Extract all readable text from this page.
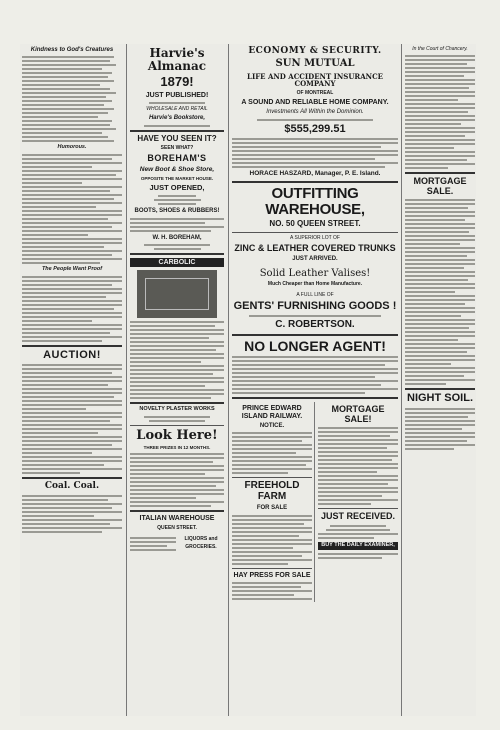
Kindness to God's Creatures
Humorous.
The People Want Proof
AUCTION!
Coal. Coal.
Harvie's Almanac
1879!
JUST PUBLISHED!
WHOLESALE AND RETAIL
Harvie's Bookstore,
HAVE YOU SEEN IT?
SEEN WHAT?
BOREHAM'S
New Boot & Shoe Store,
OPPOSITE THE MARKET HOUSE.
JUST OPENED,
BOOTS, SHOES & RUBBERS!
W. H. BOREHAM,
CARBOLIC
NOVELTY PLASTER WORKS
Look Here!
THREE PRIZES IN 12 MONTHS.
ITALIAN WAREHOUSE
QUEEN STREET.
LIQUORS and
GROCERIES.
ECONOMY & SECURITY.
SUN MUTUAL
LIFE AND ACCIDENT INSURANCE COMPANY
OF MONTREAL
A SOUND AND RELIABLE HOME COMPANY.
Investments All Within the Dominion.
$555,299.51
HORACE HASZARD, Manager, P. E. Island.
OUTFITTING WAREHOUSE,
NO. 50 QUEEN STREET.
A SUPERIOR LOT OF
ZINC & LEATHER COVERED TRUNKS
JUST ARRIVED.
Solid Leather Valises!
Much Cheaper than Home Manufacture.
A FULL LINE OF
GENTS' FURNISHING GOODS !
C. ROBERTSON.
NO LONGER AGENT!
PRINCE EDWARD ISLAND RAILWAY.
NOTICE.
FREEHOLD FARM
FOR SALE
HAY PRESS FOR SALE
MORTGAGE SALE!
JUST RECEIVED.
BUY THE DAILY EXAMINER,
In the Court of Chancery.
MORTGAGE SALE.
NIGHT SOIL.
